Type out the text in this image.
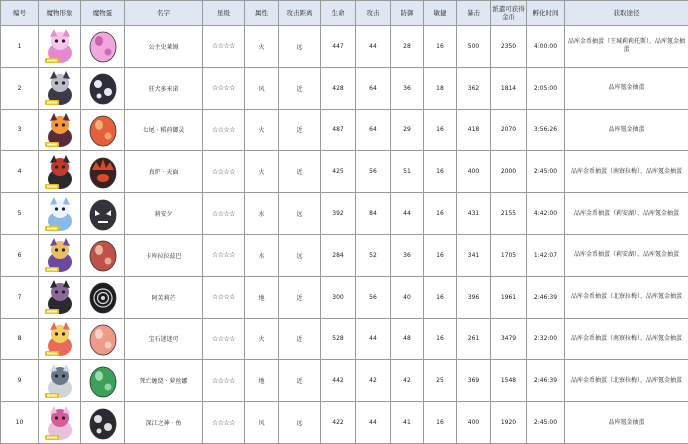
编号	魔物形象	魔物蛋	名字	星级	属性	攻击距离	生命	攻击	防御	敏捷	暴击	派遣可获得金币	孵化时间	获取途径
1			公主史莱姆	☆☆☆☆	火	远	447	44	28	16	500	2350	4:00:00	品库金币抽蛋（王城莉莉托斯）、品库氪金抽蛋
2			狂犬多米诺	☆☆☆☆	风	近	428	64	36	18	362	1814	2:05:00	品库氪金抽蛋
3			七尾 · 稻荷御灵	☆☆☆☆	火	近	487	64	29	16	418	2070	3:56:26	品库氪金抽蛋
4			真炉 · 天面	☆☆☆☆	火	近	425	56	51	16	400	2000	2:45:00	品库金币抽蛋（南寮拉梅）、品库氪金抽蛋
5			莉安夕	☆☆☆☆	水	远	392	84	44	16	431	2155	4:42:00	品库金币抽蛋（莉安湖）、品库氪金抽蛋
6			卡库拉拉兹巴	☆☆☆☆	水	远	284	52	36	16	341	1705	1:42:07	品库金币抽蛋（莉安湖）、品库氪金抽蛋
7			阿芙莉芒	☆☆☆☆	地	近	300	56	40	16	396	1961	2:46:39	品库金币抽蛋（北寮拉梅）、品库氪金抽蛋
8			宝石迷迷可	☆☆☆☆	火	近	528	44	48	16	261	3479	2:32:00	品库金币抽蛋（南寮拉梅）、品库氪金抽蛋
9			死亡缠绕 · 萝丝娜	☆☆☆☆	地	近	442	42	42	25	369	1548	2:46:39	品库金币抽蛋（北寮拉梅）、品库氪金抽蛋
10			深江之神 · 鱼	☆☆☆☆	风	远	422	44	41	16	400	1920	2:45:00	品库氪金抽蛋
